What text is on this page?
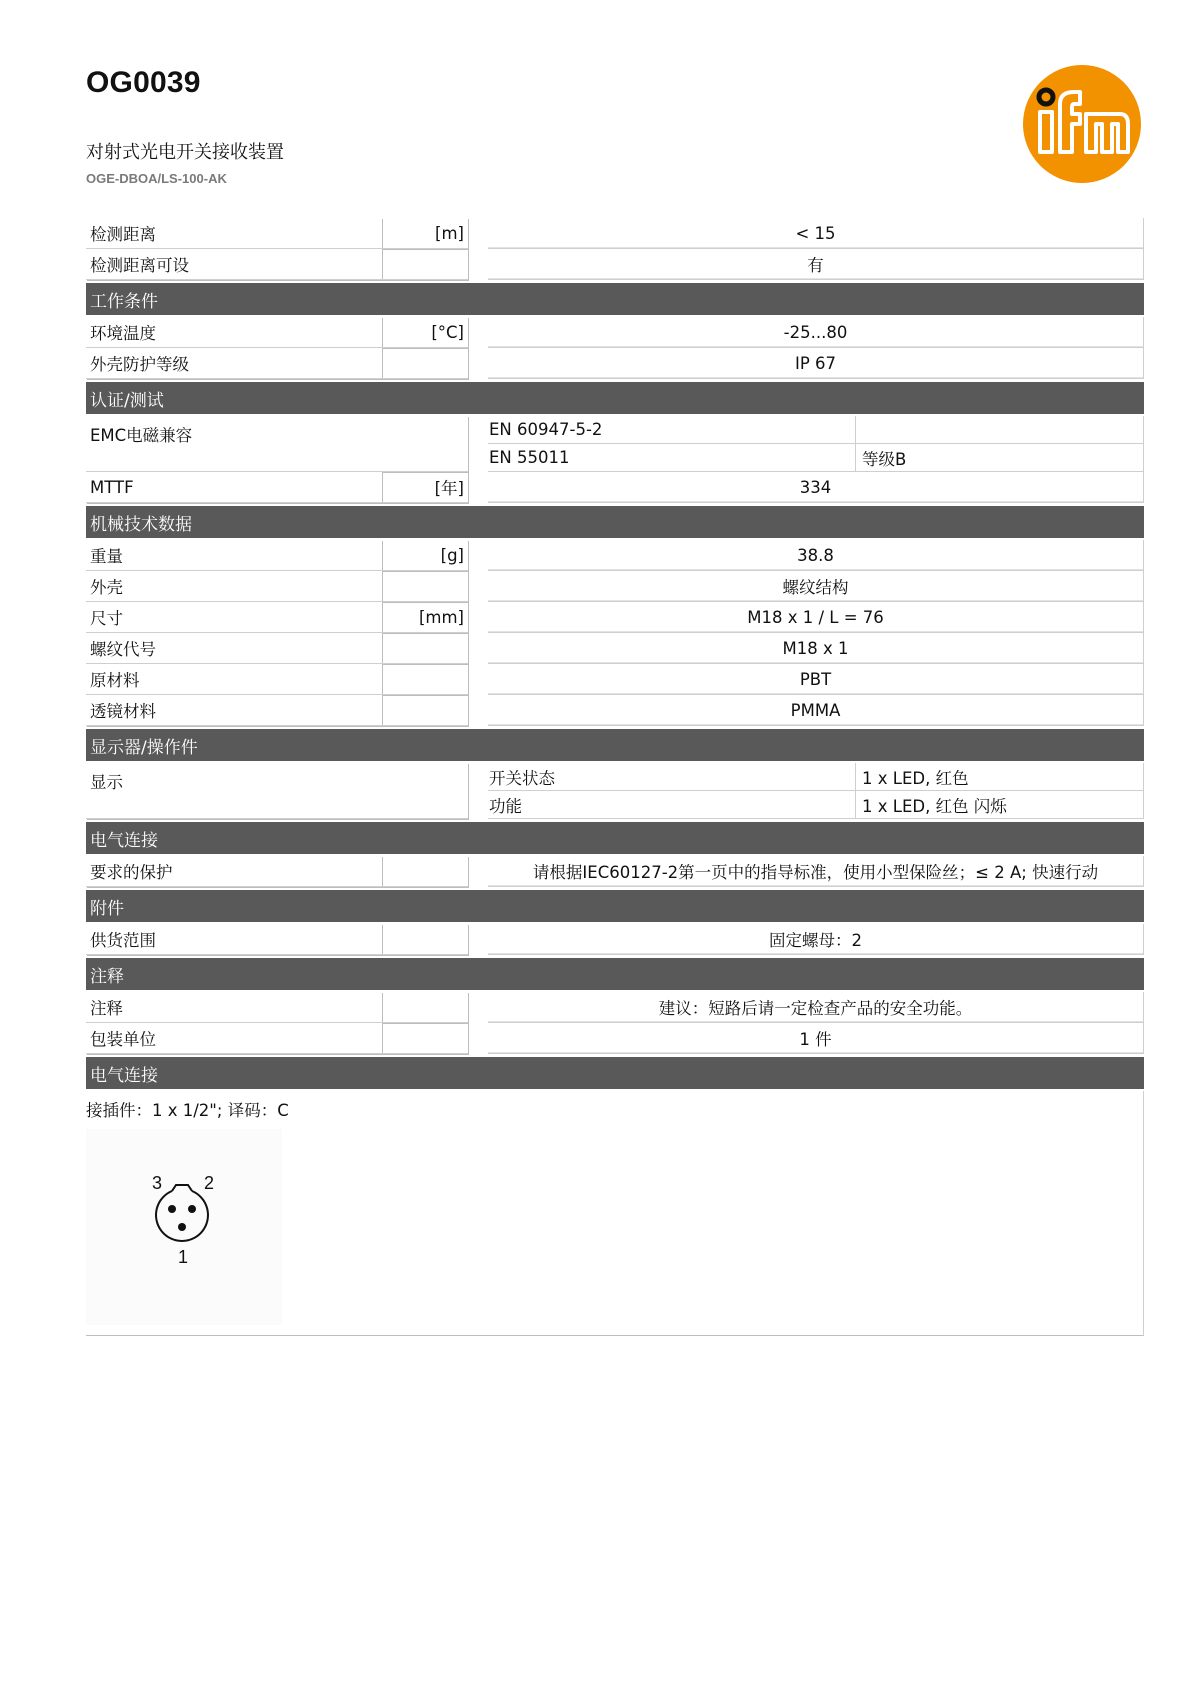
OG0039
对射式光电开关接收装置
OGE-DBOA/LS-100-AK
检测距离	[m]	< 15
检测距离可设	有
工作条件
环境温度	[°C]	-25...80
外壳防护等级	IP 67
认证/测试
EMC电磁兼容	EN 60947-5-2
EN 55011	等级B
MTTF	[年]	334
机械技术数据
重量	[g]	38.8
外壳	螺纹结构
尺寸	[mm]	M18 x 1 / L = 76
螺纹代号	M18 x 1
原材料	PBT
透镜材料	PMMA
显示器/操作件
显示	开关状态	1 x LED, 红色
功能	1 x LED, 红色 闪烁
电气连接
要求的保护	请根据IEC60127-2第一页中的指导标准，使用小型保险丝；≤ 2 A; 快速行动
附件
供货范围	固定螺母：2
注释
注释	建议：短路后请一定检查产品的安全功能。
包装单位	1 件
电气连接
接插件：1 x 1/2"; 译码：C
3 2
1
